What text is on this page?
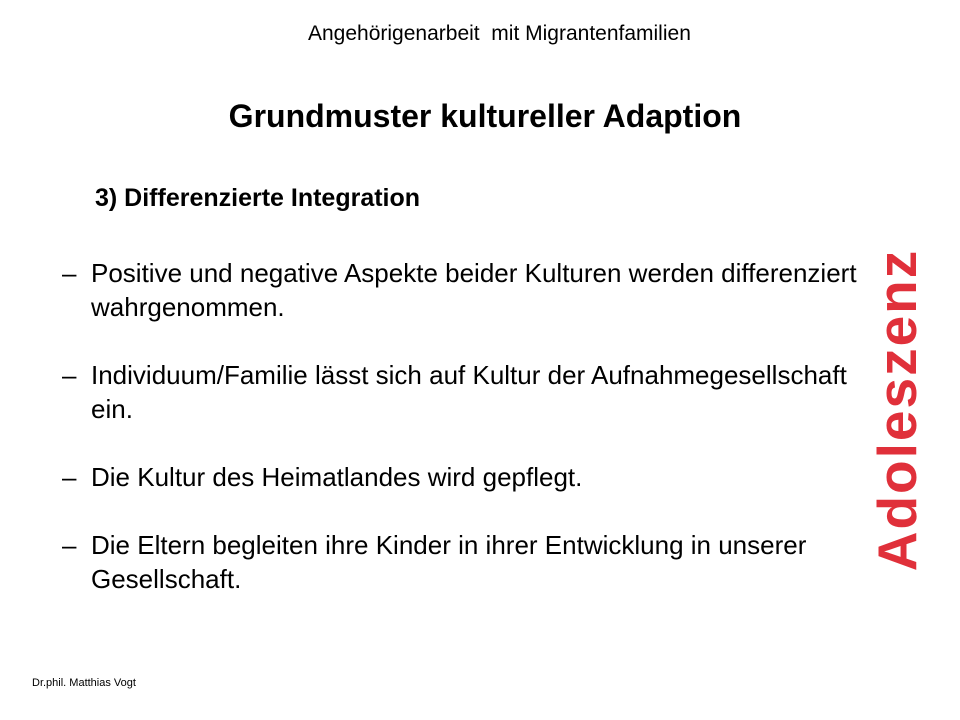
Angehörigenarbeit  mit Migrantenfamilien
Grundmuster kultureller Adaption
3) Differenzierte Integration
– Positive und negative Aspekte beider Kulturen werden differenziert wahrgenommen.
– Individuum/Familie lässt sich auf Kultur der Aufnahmegesellschaft ein.
– Die Kultur des Heimatlandes wird gepflegt.
– Die Eltern begleiten ihre Kinder in ihrer Entwicklung in unserer Gesellschaft.
Adoleszenz
Dr.phil. Matthias Vogt
